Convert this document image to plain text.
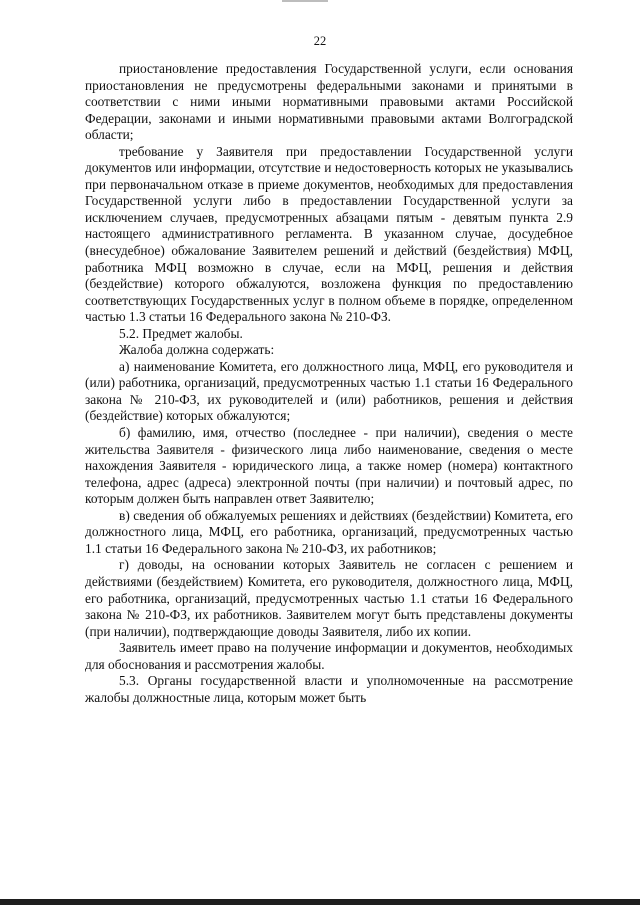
22

приостановление предоставления Государственной услуги, если основания приостановления не предусмотрены федеральными законами и принятыми в соответствии с ними иными нормативными правовыми актами Российской Федерации, законами и иными нормативными правовыми актами Волгоградской области;

требование у Заявителя при предоставлении Государственной услуги документов или информации, отсутствие и недостоверность которых не указывались при первоначальном отказе в приеме документов, необходимых для предоставления Государственной услуги либо в предоставлении Государственной услуги за исключением случаев, предусмотренных абзацами пятым - девятым пункта 2.9 настоящего административного регламента. В указанном случае, досудебное (внесудебное) обжалование Заявителем решений и действий (бездействия) МФЦ, работника МФЦ возможно в случае, если на МФЦ, решения и действия (бездействие) которого обжалуются, возложена функция по предоставлению соответствующих Государственных услуг в полном объеме в порядке, определенном частью 1.3 статьи 16 Федерального закона № 210-ФЗ.

5.2. Предмет жалобы.

Жалоба должна содержать:

а) наименование Комитета, его должностного лица, МФЦ, его руководителя и (или) работника, организаций, предусмотренных частью 1.1 статьи 16 Федерального закона № 210-ФЗ, их руководителей и (или) работников, решения и действия (бездействие) которых обжалуются;

б) фамилию, имя, отчество (последнее - при наличии), сведения о месте жительства Заявителя - физического лица либо наименование, сведения о месте нахождения Заявителя - юридического лица, а также номер (номера) контактного телефона, адрес (адреса) электронной почты (при наличии) и почтовый адрес, по которым должен быть направлен ответ Заявителю;

в) сведения об обжалуемых решениях и действиях (бездействии) Комитета, его должностного лица, МФЦ, его работника, организаций, предусмотренных частью 1.1 статьи 16 Федерального закона № 210-ФЗ, их работников;

г) доводы, на основании которых Заявитель не согласен с решением и действиями (бездействием) Комитета, его руководителя, должностного лица, МФЦ, его работника, организаций, предусмотренных частью 1.1 статьи 16 Федерального закона № 210-ФЗ, их работников. Заявителем могут быть представлены документы (при наличии), подтверждающие доводы Заявителя, либо их копии.

Заявитель имеет право на получение информации и документов, необходимых для обоснования и рассмотрения жалобы.

5.3. Органы государственной власти и уполномоченные на рассмотрение жалобы должностные лица, которым может быть
